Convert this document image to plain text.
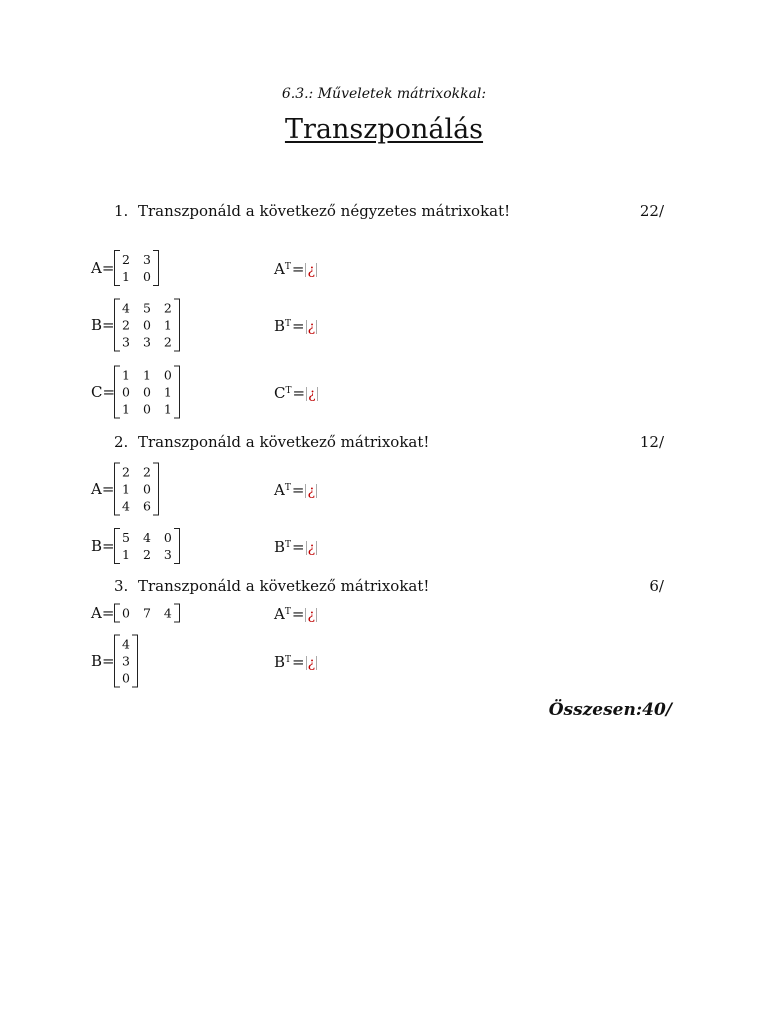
6.3.: Műveletek mátrixokkal:
Transzponálás
1. Transzponáld a következő négyzetes mátrixokat!	22/
A= 2 3
1 0	$A^T=$ ¿
B=
4 5 2
2 0 1
3 3 2
$B^T=$ ¿
C=
1 1 0
0 0 1
1 0 1
$C^T=$ ¿
2. Transzponáld a következő mátrixokat!	12/
A=
2 2
1 0
4 6
$A^T=$ ¿
B= 5 4 0
1 2 3	$B^T=$ ¿
3. Transzponáld a következő mátrixokat!	6/
A= 0 7 4	$A^T=$ ¿
B=
4
3
0
$B^T=$ ¿
Összesen:40/
